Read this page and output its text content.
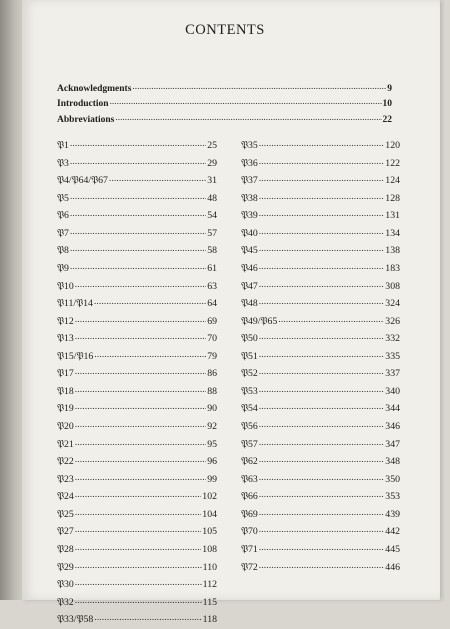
CONTENTS
Acknowledgments . . .	9
Introduction . . .	10
Abbreviations . . .	22
𝔓1 . . .	25
𝔓3 . . .	29
𝔓4/𝔓64/𝔓67 . . .	31
𝔓5 . . .	48
𝔓6 . . .	54
𝔓7 . . .	57
𝔓8 . . .	58
𝔓9 . . .	61
𝔓10 . . .	63
𝔓11/𝔓14 . . .	64
𝔓12 . . .	69
𝔓13 . . .	70
𝔓15/𝔓16 . . .	79
𝔓17 . . .	86
𝔓18 . . .	88
𝔓19 . . .	90
𝔓20 . . .	92
𝔓21 . . .	95
𝔓22 . . .	96
𝔓23 . . .	99
𝔓24 . . .	102
𝔓25 . . .	104
𝔓27 . . .	105
𝔓28 . . .	108
𝔓29 . . .	110
𝔓30 . . .	112
𝔓32 . . .	115
𝔓33/𝔓58 . . .	118
𝔓35 . . .	120
𝔓36 . . .	122
𝔓37 . . .	124
𝔓38 . . .	128
𝔓39 . . .	131
𝔓40 . . .	134
𝔓45 . . .	138
𝔓46 . . .	183
𝔓47 . . .	308
𝔓48 . . .	324
𝔓49/𝔓65 . . .	326
𝔓50 . . .	332
𝔓51 . . .	335
𝔓52 . . .	337
𝔓53 . . .	340
𝔓54 . . .	344
𝔓56 . . .	346
𝔓57 . . .	347
𝔓62 . . .	348
𝔓63 . . .	350
𝔓66 . . .	353
𝔓69 . . .	439
𝔓70 . . .	442
𝔓71 . . .	445
𝔓72 . . .	446
